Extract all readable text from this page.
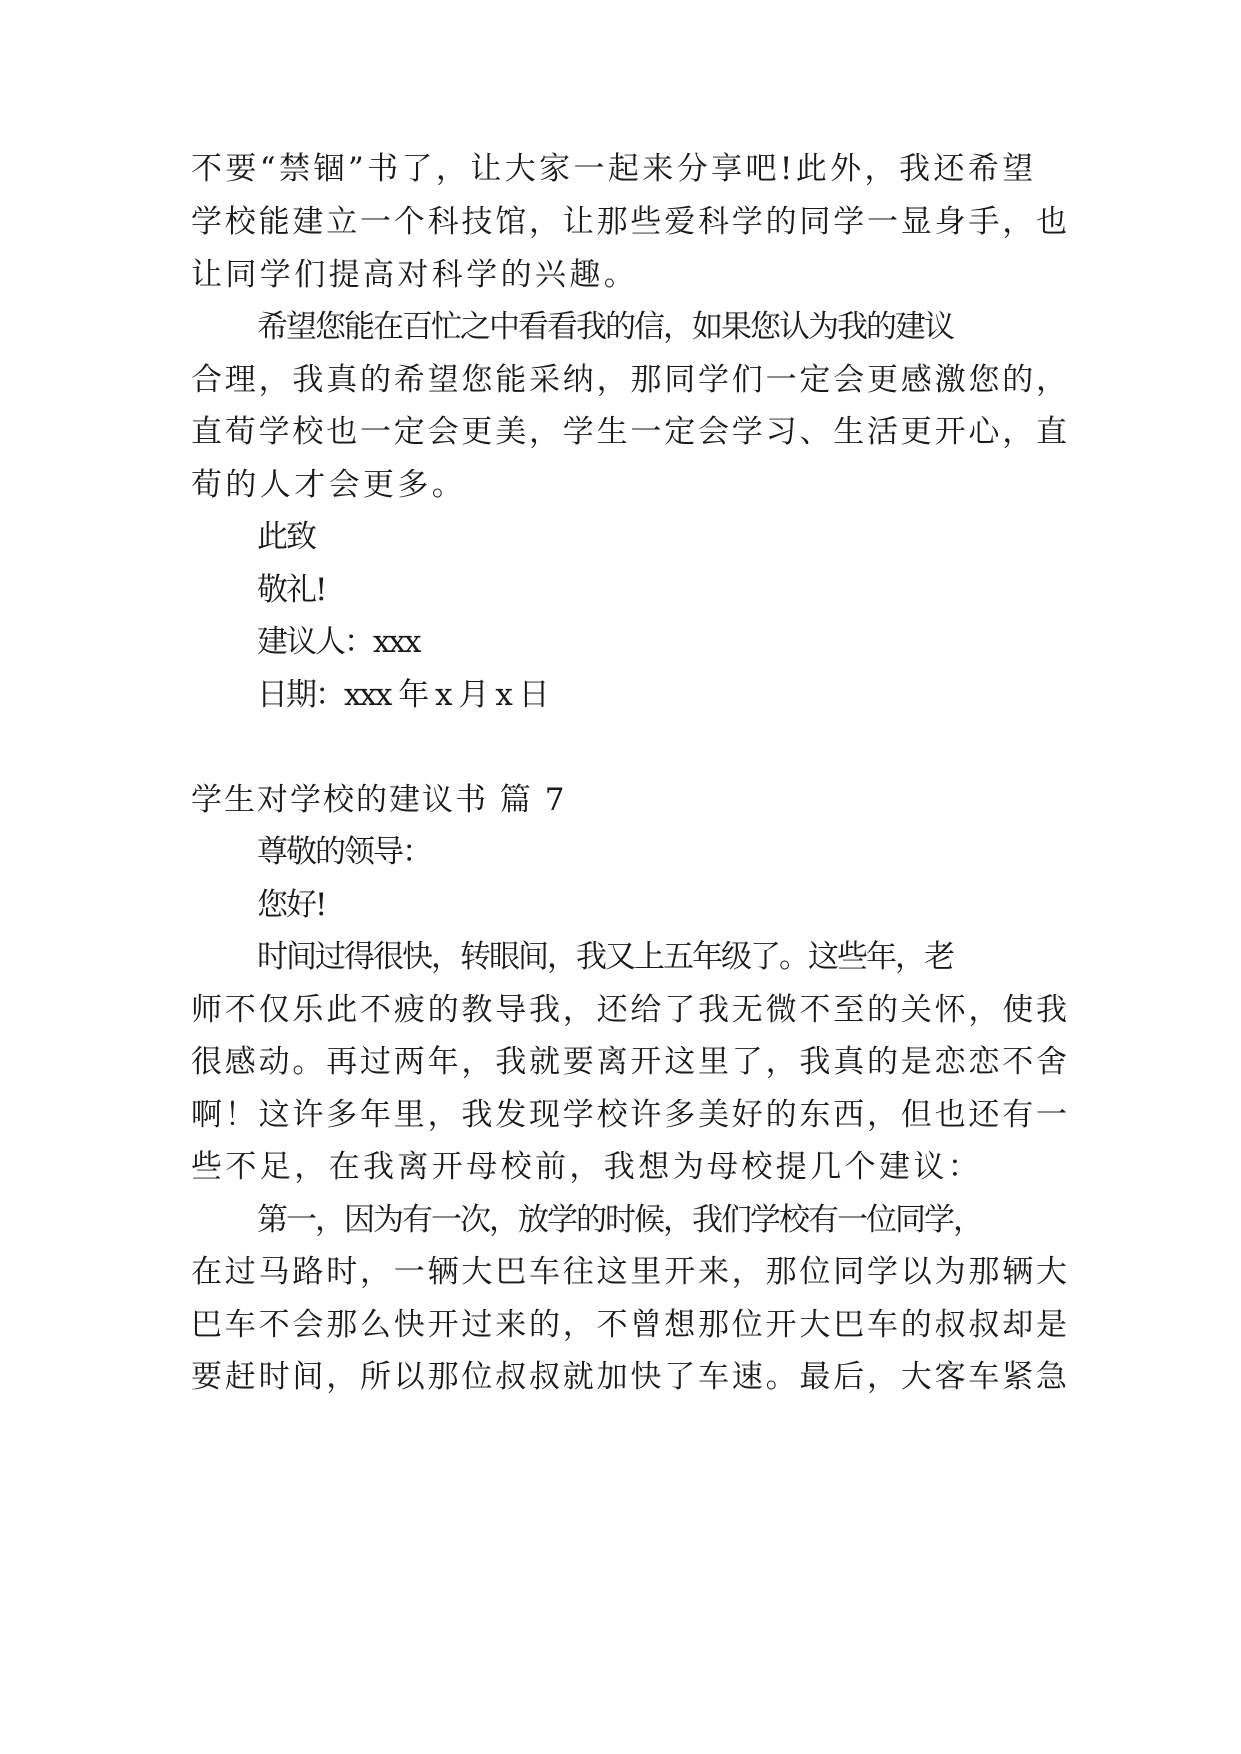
不要“禁锢”书了，让大家一起来分享吧!此外，我还希望
学校能建立一个科技馆，让那些爱科学的同学一显身手，也
让同学们提高对科学的兴趣。
希望您能在百忙之中看看我的信，如果您认为我的建议
合理，我真的希望您能采纳，那同学们一定会更感激您的，
直荀学校也一定会更美，学生一定会学习、生活更开心，直
荀的人才会更多。
此致
敬礼!
建议人：xxx
日期：xxx 年 x 月 x 日
学生对学校的建议书 篇 7
尊敬的领导：
您好!
时间过得很快，转眼间，我又上五年级了。这些年，老
师不仅乐此不疲的教导我，还给了我无微不至的关怀，使我
很感动。再过两年，我就要离开这里了，我真的是恋恋不舍
啊！这许多年里，我发现学校许多美好的东西，但也还有一
些不足，在我离开母校前，我想为母校提几个建议：
第一，因为有一次，放学的时候，我们学校有一位同学，
在过马路时，一辆大巴车往这里开来，那位同学以为那辆大
巴车不会那么快开过来的，不曾想那位开大巴车的叔叔却是
要赶时间，所以那位叔叔就加快了车速。最后，大客车紧急
